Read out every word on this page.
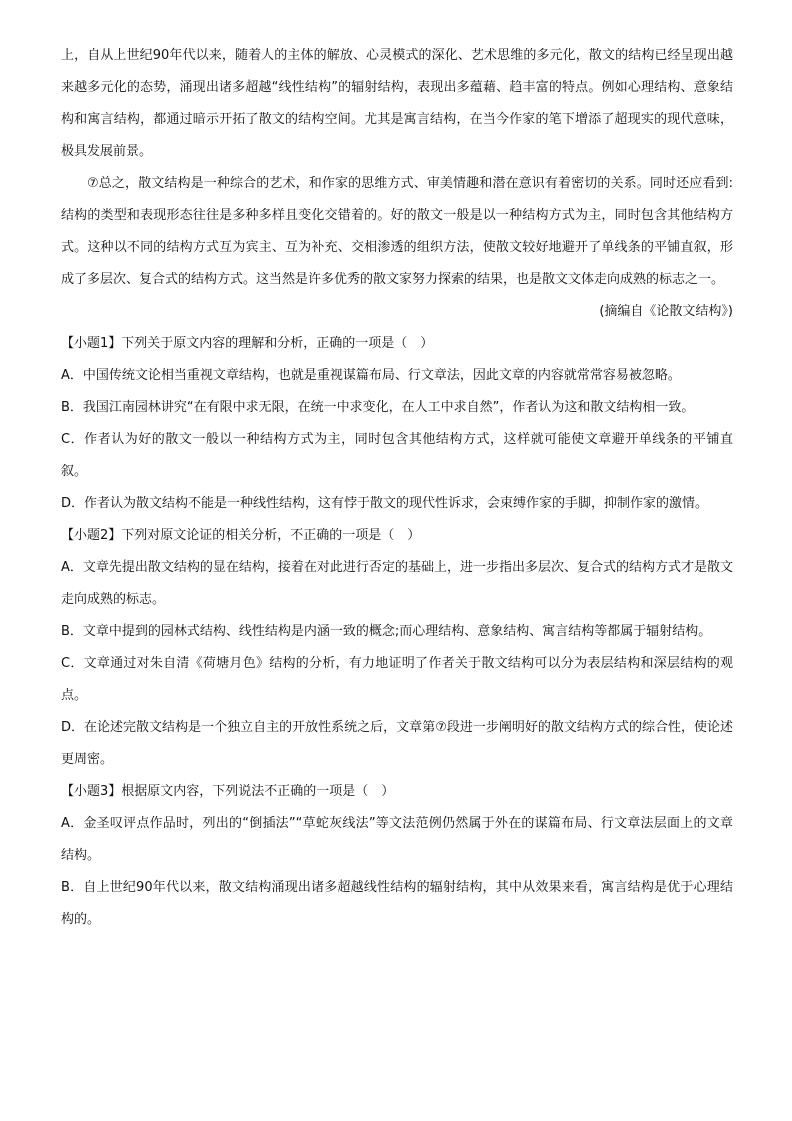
上，自从上世纪90年代以来，随着人的主体的解放、心灵模式的深化、艺术思维的多元化，散文的结构已经呈现出越来越多元化的态势，涌现出诸多超越“线性结构”的辐射结构，表现出多蕴藉、趋丰富的特点。例如心理结构、意象结构和寓言结构，都通过暗示开拓了散文的结构空间。尤其是寓言结构，在当今作家的笔下增添了超现实的现代意味，极具发展前景。

⑦总之，散文结构是一种综合的艺术，和作家的思维方式、审美情趣和潜在意识有着密切的关系。同时还应看到:结构的类型和表现形态往往是多种多样且变化交错着的。好的散文一般是以一种结构方式为主，同时包含其他结构方式。这种以不同的结构方式互为宾主、互为补充、交相渗透的组织方法，使散文较好地避开了单线条的平铺直叙，形成了多层次、复合式的结构方式。这当然是许多优秀的散文家努力探索的结果，也是散文文体走向成熟的标志之一。

(摘编自《论散文结构》)

【小题1】下列关于原文内容的理解和分析，正确的一项是（　）

A．中国传统文论相当重视文章结构，也就是重视谋篇布局、行文章法，因此文章的内容就常常容易被忽略。

B．我国江南园林讲究“在有限中求无限，在统一中求变化，在人工中求自然”，作者认为这和散文结构相一致。

C．作者认为好的散文一般以一种结构方式为主，同时包含其他结构方式，这样就可能使文章避开单线条的平铺直叙。

D．作者认为散文结构不能是一种线性结构，这有悖于散文的现代性诉求，会束缚作家的手脚，抑制作家的激情。

【小题2】下列对原文论证的相关分析，不正确的一项是（　）

A．文章先提出散文结构的显在结构，接着在对此进行否定的基础上，进一步指出多层次、复合式的结构方式才是散文走向成熟的标志。

B．文章中提到的园林式结构、线性结构是内涵一致的概念;而心理结构、意象结构、寓言结构等都属于辐射结构。

C．文章通过对朱自清《荷塘月色》结构的分析，有力地证明了作者关于散文结构可以分为表层结构和深层结构的观点。

D．在论述完散文结构是一个独立自主的开放性系统之后，文章第⑦段进一步阐明好的散文结构方式的综合性，使论述更周密。

【小题3】根据原文内容，下列说法不正确的一项是（　）

A．金圣叹评点作品时，列出的“倒插法”“草蛇灰线法”等文法范例仍然属于外在的谋篇布局、行文章法层面上的文章结构。

B．自上世纪90年代以来，散文结构涌现出诸多超越线性结构的辐射结构，其中从效果来看，寓言结构是优于心理结构的。
